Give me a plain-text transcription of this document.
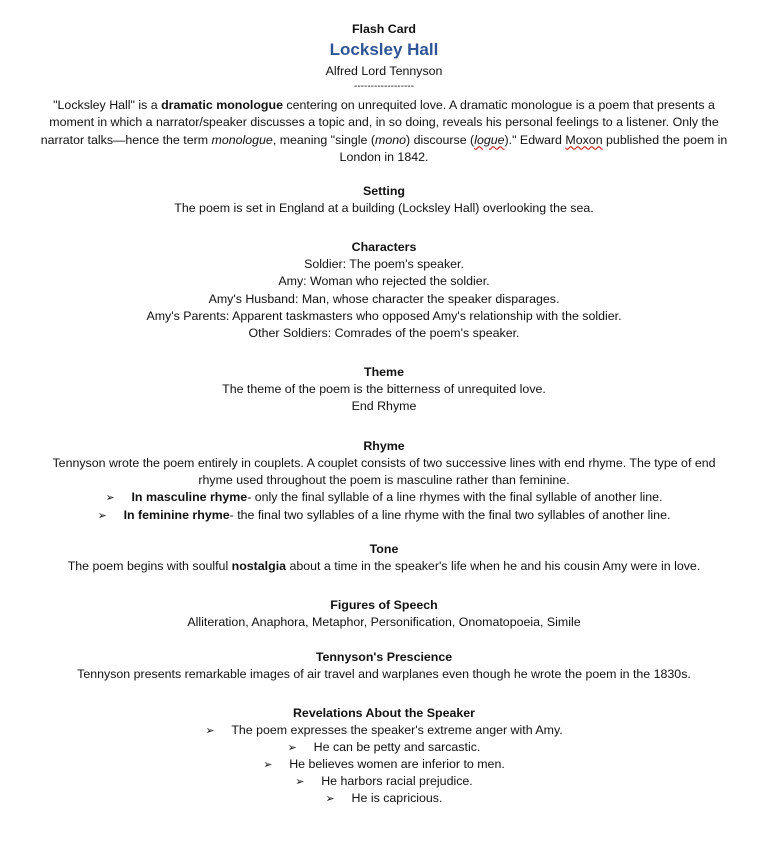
Flash Card
Locksley Hall
Alfred Lord Tennyson
------------------
"Locksley Hall" is a dramatic monologue centering on unrequited love. A dramatic monologue is a poem that presents a
moment in which a narrator/speaker discusses a topic and, in so doing, reveals his personal feelings to a listener. Only the
narrator talks—hence the term monologue, meaning "single (mono) discourse (logue)." Edward Moxon published the poem in
London in 1842.
Setting
The poem is set in England at a building (Locksley Hall) overlooking the sea.
Characters
Soldier: The poem's speaker.
Amy: Woman who rejected the soldier.
Amy's Husband: Man, whose character the speaker disparages.
Amy's Parents: Apparent taskmasters who opposed Amy's relationship with the soldier.
Other Soldiers: Comrades of the poem's speaker.
Theme
The theme of the poem is the bitterness of unrequited love.
End Rhyme
Rhyme
Tennyson wrote the poem entirely in couplets. A couplet consists of two successive lines with end rhyme. The type of end
rhyme used throughout the poem is masculine rather than feminine.
➢ In masculine rhyme- only the final syllable of a line rhymes with the final syllable of another line.
➢ In feminine rhyme- the final two syllables of a line rhyme with the final two syllables of another line.
Tone
The poem begins with soulful nostalgia about a time in the speaker's life when he and his cousin Amy were in love.
Figures of Speech
Alliteration, Anaphora, Metaphor, Personification, Onomatopoeia, Simile
Tennyson's Prescience
Tennyson presents remarkable images of air travel and warplanes even though he wrote the poem in the 1830s.
Revelations About the Speaker
➢ The poem expresses the speaker's extreme anger with Amy.
➢ He can be petty and sarcastic.
➢ He believes women are inferior to men.
➢ He harbors racial prejudice.
➢ He is capricious.
